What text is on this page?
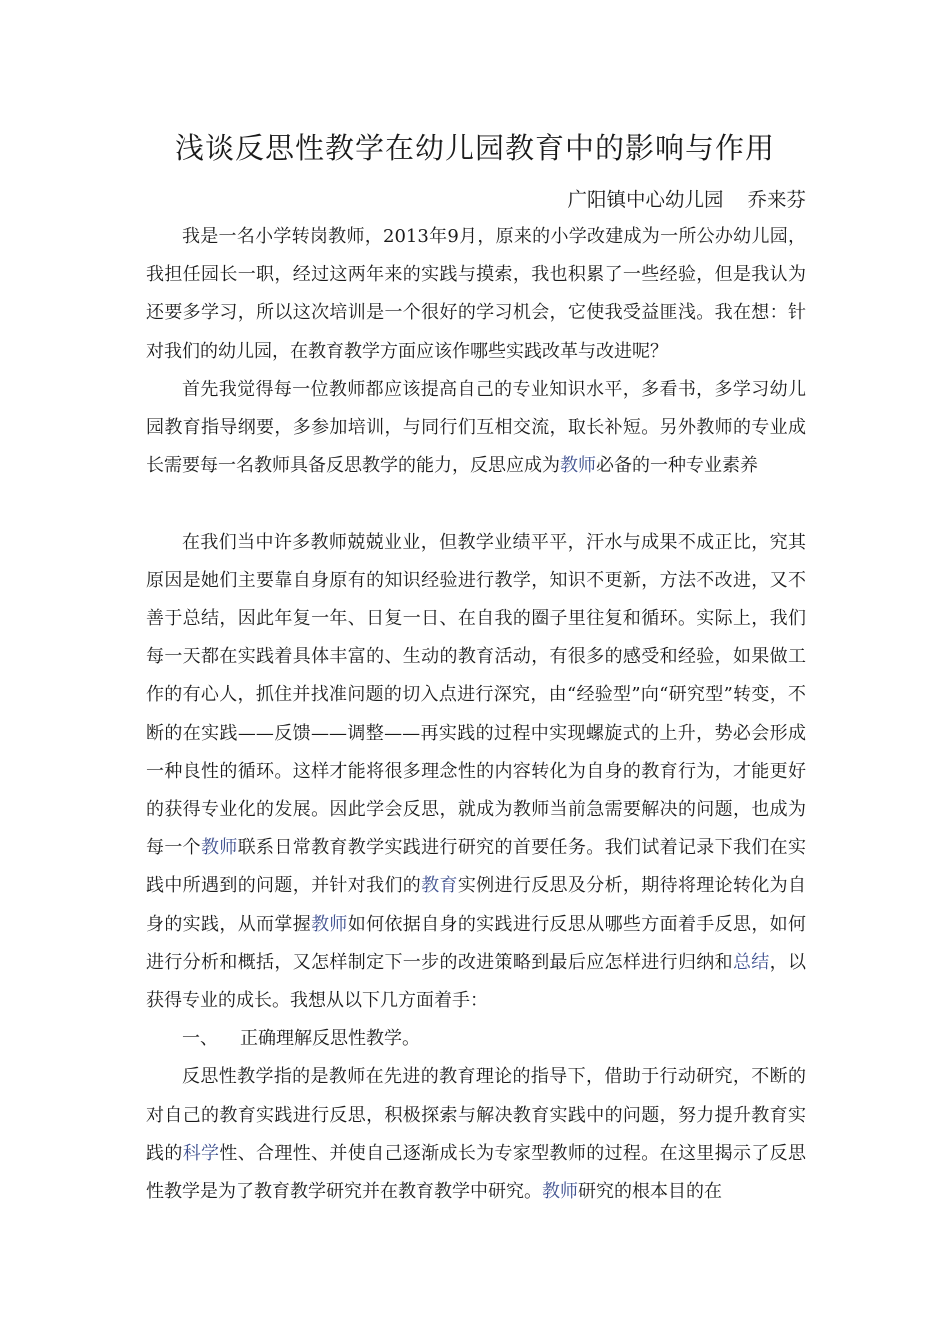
浅谈反思性教学在幼儿园教育中的影响与作用
广阳镇中心幼儿园 乔来芬

我是一名小学转岗教师，2013年9月，原来的小学改建成为一所公办幼儿园，我担任园长一职，经过这两年来的实践与摸索，我也积累了一些经验，但是我认为还要多学习，所以这次培训是一个很好的学习机会，它使我受益匪浅。我在想：针对我们的幼儿园，在教育教学方面应该作哪些实践改革与改进呢？

首先我觉得每一位教师都应该提高自己的专业知识水平，多看书，多学习幼儿园教育指导纲要，多参加培训，与同行们互相交流，取长补短。另外教师的专业成长需要每一名教师具备反思教学的能力，反思应成为教师必备的一种专业素养

在我们当中许多教师兢兢业业，但教学业绩平平，汗水与成果不成正比，究其原因是她们主要靠自身原有的知识经验进行教学，知识不更新，方法不改进，又不善于总结，因此年复一年、日复一日、在自我的圈子里往复和循环。实际上，我们每一天都在实践着具体丰富的、生动的教育活动，有很多的感受和经验，如果做工作的有心人，抓住并找准问题的切入点进行深究，由“经验型”向“研究型”转变，不断的在实践——反馈——调整——再实践的过程中实现螺旋式的上升，势必会形成一种良性的循环。这样才能将很多理念性的内容转化为自身的教育行为，才能更好的获得专业化的发展。因此学会反思，就成为教师当前急需要解决的问题，也成为每一个教师联系日常教育教学实践进行研究的首要任务。我们试着记录下我们在实践中所遇到的问题，并针对我们的教育实例进行反思及分析，期待将理论转化为自身的实践，从而掌握教师如何依据自身的实践进行反思从哪些方面着手反思，如何进行分析和概括，又怎样制定下一步的改进策略到最后应怎样进行归纳和总结，以获得专业的成长。我想从以下几方面着手：

一、 正确理解反思性教学。

反思性教学指的是教师在先进的教育理论的指导下，借助于行动研究，不断的对自己的教育实践进行反思，积极探索与解决教育实践中的问题，努力提升教育实践的科学性、合理性、并使自己逐渐成长为专家型教师的过程。在这里揭示了反思性教学是为了教育教学研究并在教育教学中研究。教师研究的根本目的在
